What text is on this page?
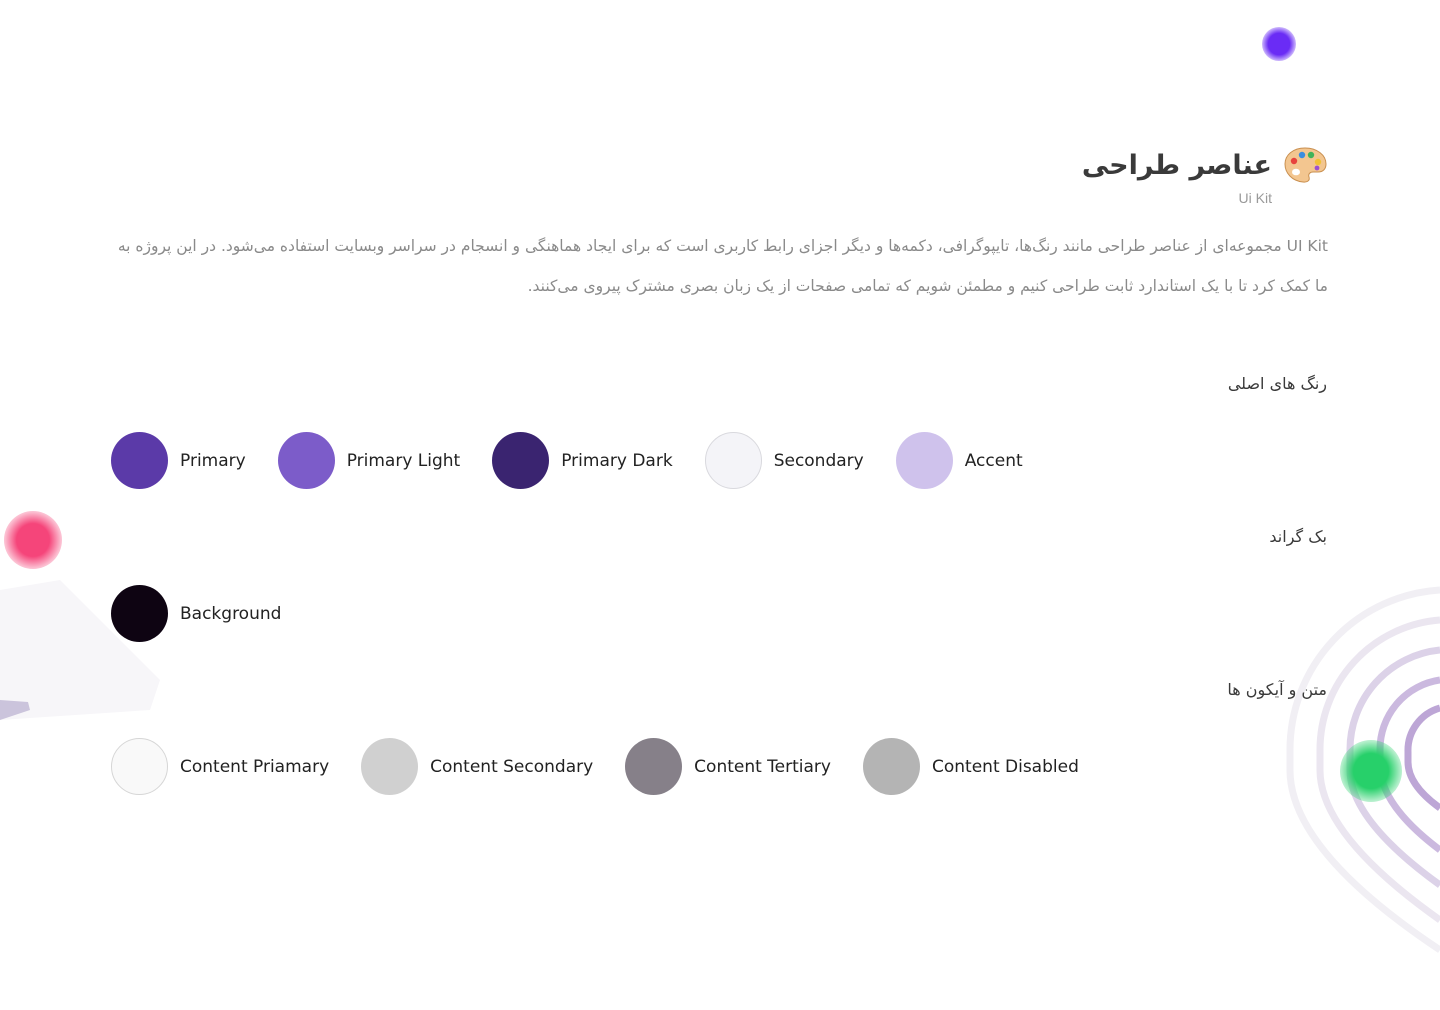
عناصر طراحی
Ui Kit
UI Kit مجموعه‌ای از عناصر طراحی مانند رنگ‌ها، تایپوگرافی، دکمه‌ها و دیگر اجزای رابط کاربری است که برای ایجاد هماهنگی و انسجام در سراسر وبسایت استفاده می‌شود. در این پروژه به ما کمک کرد تا با یک استاندارد ثابت طراحی کنیم و مطمئن شویم که تمامی صفحات از یک زبان بصری مشترک پیروی می‌کنند.
رنگ های اصلی
Primary	Primary Light	Primary Dark	Secondary	Accent
بک گراند
Background
متن و آیکون ها
Content Priamary	Content Secondary	Content Tertiary	Content Disabled
